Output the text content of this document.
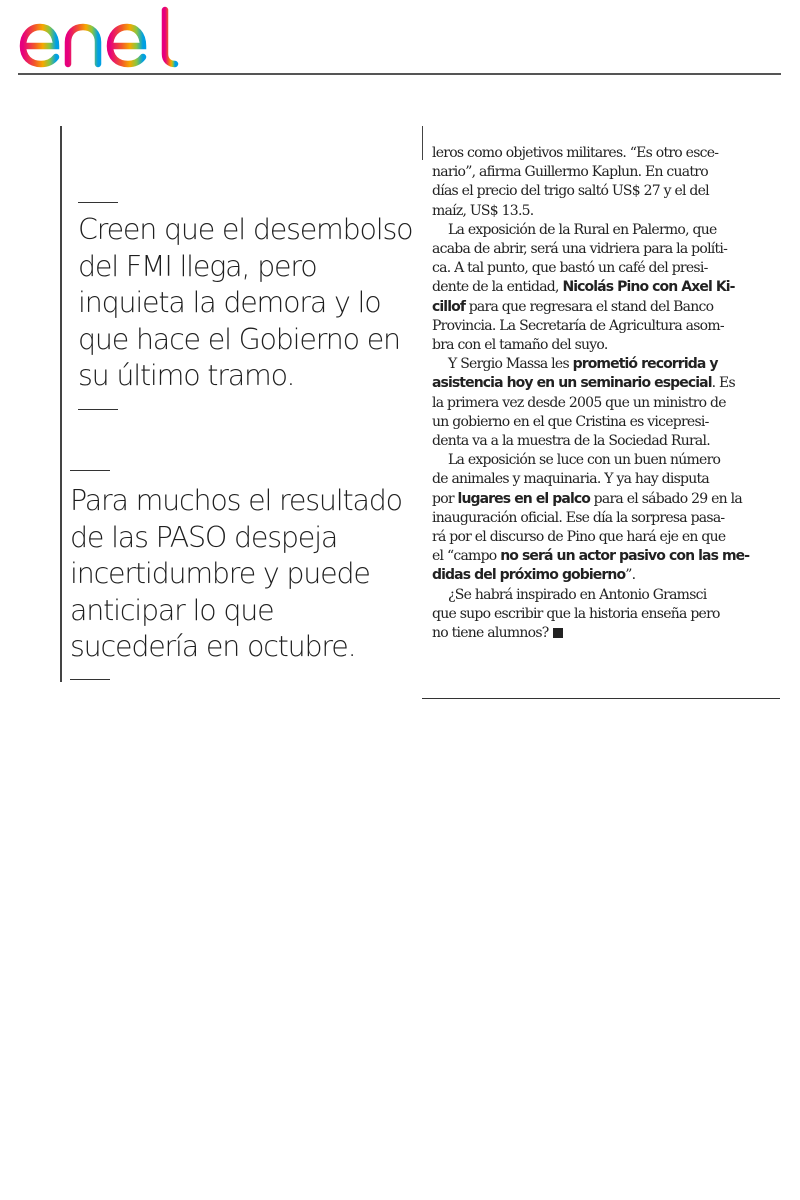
Creen que el desembolso
del FMI llega, pero
inquieta la demora y lo
que hace el Gobierno en
su último tramo.
Para muchos el resultado
de las PASO despeja
incertidumbre y puede
anticipar lo que
sucedería en octubre.
leros como objetivos militares. “Es otro esce-
nario”, afirma Guillermo Kaplun. En cuatro
días el precio del trigo saltó US$ 27 y el del
maíz, US$ 13.5.
La exposición de la Rural en Palermo, que
acaba de abrir, será una vidriera para la políti-
ca. A tal punto, que bastó un café del presi-
dente de la entidad, Nicolás Pino con Axel Ki-
cillof para que regresara el stand del Banco
Provincia. La Secretaría de Agricultura asom-
bra con el tamaño del suyo.
Y Sergio Massa les prometió recorrida y
asistencia hoy en un seminario especial. Es
la primera vez desde 2005 que un ministro de
un gobierno en el que Cristina es vicepresi-
denta va a la muestra de la Sociedad Rural.
La exposición se luce con un buen número
de animales y maquinaria. Y ya hay disputa
por lugares en el palco para el sábado 29 en la
inauguración oficial. Ese día la sorpresa pasa-
rá por el discurso de Pino que hará eje en que
el “campo no será un actor pasivo con las me-
didas del próximo gobierno”.
¿Se habrá inspirado en Antonio Gramsci
que supo escribir que la historia enseña pero
no tiene alumnos?
